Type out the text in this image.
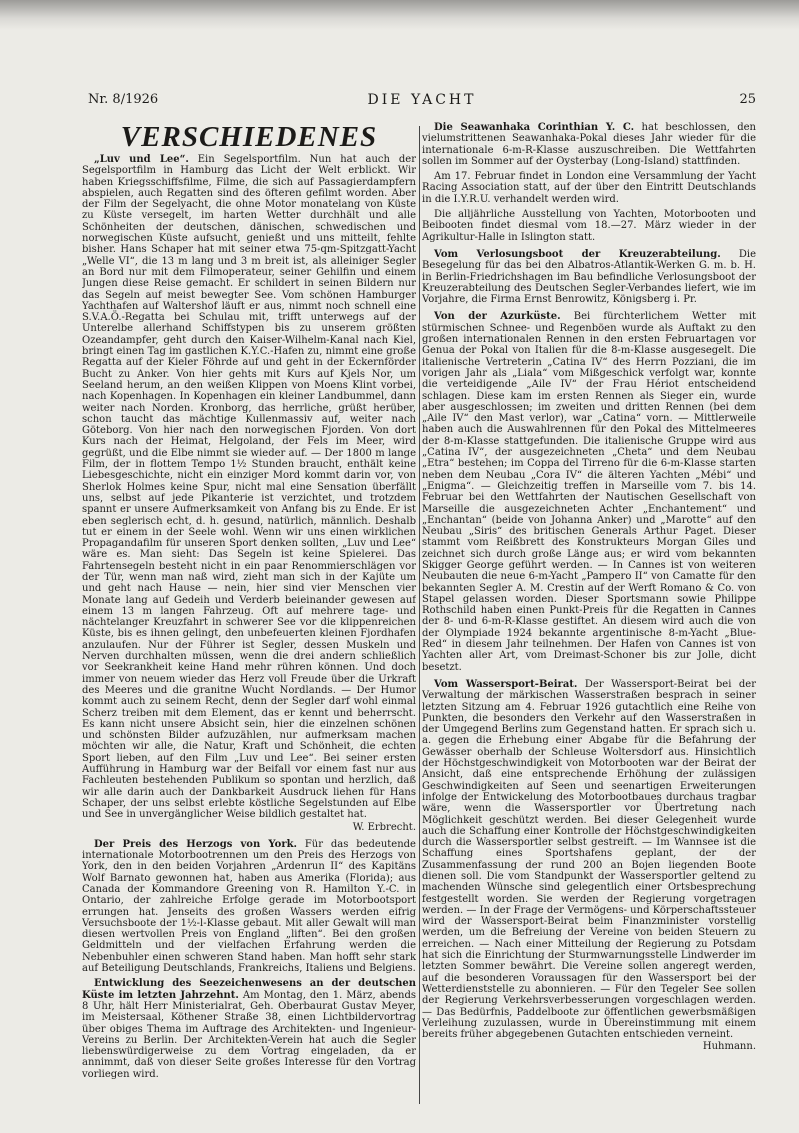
Nr. 8/1926	DIE YACHT	25
VERSCHIEDENES

„Luv und Lee“. Ein Segelsportfilm. Nun hat auch der Segelsportfilm in Hamburg das Licht der Welt erblickt. Wir haben Kriegsschiffsfilme, Filme, die sich auf Passagierdampfern abspielen, auch Regatten sind des öfteren gefilmt worden. Aber der Film der Segelyacht, die ohne Motor monatelang von Küste zu Küste versegelt, im harten Wetter durchhält und alle Schönheiten der deutschen, dänischen, schwedischen und norwegischen Küste aufsucht, genießt und uns mitteilt, fehlte bisher. Hans Schaper hat mit seiner etwa 75-qm-Spitzgatt-Yacht „Welle VI“, die 13 m lang und 3 m breit ist, als alleiniger Segler an Bord nur mit dem Filmoperateur, seiner Gehilfin und einem Jungen diese Reise gemacht. Er schildert in seinen Bildern nur das Segeln auf meist bewegter See. Vom schönen Hamburger Yachthafen auf Waltershof läuft er aus, nimmt noch schnell eine S.V.A.Ö.-Regatta bei Schulau mit, trifft unterwegs auf der Unterelbe allerhand Schiffstypen bis zu unserem größten Ozeandampfer, geht durch den Kaiser-Wilhelm-Kanal nach Kiel, bringt einen Tag im gastlichen K.Y.C.-Hafen zu, nimmt eine große Regatta auf der Kieler Föhrde auf und geht in der Eckernförder Bucht zu Anker. Von hier gehts mit Kurs auf Kjels Nor, um Seeland herum, an den weißen Klippen von Moens Klint vorbei, nach Kopenhagen. In Kopenhagen ein kleiner Landbummel, dann weiter nach Norden. Kronborg, das herrliche, grüßt herüber, schon taucht das mächtige Kullenmassiv auf, weiter nach Göteborg. Von hier nach den norwegischen Fjorden. Von dort Kurs nach der Heimat, Helgoland, der Fels im Meer, wird gegrüßt, und die Elbe nimmt sie wieder auf. — Der 1800 m lange Film, der in flottem Tempo 1½ Stunden braucht, enthält keine Liebesgeschichte, nicht ein einziger Mord kommt darin vor, von Sherlok Holmes keine Spur, nicht mal eine Sensation überfällt uns, selbst auf jede Pikanterie ist verzichtet, und trotzdem spannt er unsere Aufmerksamkeit von Anfang bis zu Ende. Er ist eben seglerisch echt, d. h. gesund, natürlich, männlich. Deshalb tut er einem in der Seele wohl. Wenn wir uns einen wirklichen Propagandafilm für unseren Sport denken sollten, „Luv und Lee“ wäre es. Man sieht: Das Segeln ist keine Spielerei. Das Fahrtensegeln besteht nicht in ein paar Renommierschlägen vor der Tür, wenn man naß wird, zieht man sich in der Kajüte um und geht nach Hause — nein, hier sind vier Menschen vier Monate lang auf Gedeih und Verderb beieinander gewesen auf einem 13 m langen Fahrzeug. Oft auf mehrere tage- und nächtelanger Kreuzfahrt in schwerer See vor die klippenreichen Küste, bis es ihnen gelingt, den unbefeuerten kleinen Fjordhafen anzulaufen. Nur der Führer ist Segler, dessen Muskeln und Nerven durchhalten müssen, wenn die drei andern schließlich vor Seekrankheit keine Hand mehr rühren können. Und doch immer von neuem wieder das Herz voll Freude über die Urkraft des Meeres und die granitne Wucht Nordlands. — Der Humor kommt auch zu seinem Recht, denn der Segler darf wohl einmal Scherz treiben mit dem Element, das er kennt und beherrscht. Es kann nicht unsere Absicht sein, hier die einzelnen schönen und schönsten Bilder aufzuzählen, nur aufmerksam machen möchten wir alle, die Natur, Kraft und Schönheit, die echten Sport lieben, auf den Film „Luv und Lee“. Bei seiner ersten Aufführung in Hamburg war der Beifall vor einem fast nur aus Fachleuten bestehenden Publikum so spontan und herzlich, daß wir alle darin auch der Dankbarkeit Ausdruck liehen für Hans Schaper, der uns selbst erlebte köstliche Segelstunden auf Elbe und See in unvergänglicher Weise bildlich gestaltet hat.

W. Erbrecht.

Der Preis des Herzogs von York. Für das bedeutende internationale Motorbootrennen um den Preis des Herzogs von York, den in den beiden Vorjahren „Ardenrun II“ des Kapitäns Wolf Barnato gewonnen hat, haben aus Amerika (Florida); aus Canada der Kommandore Greening von R. Hamilton Y.-C. in Ontario, der zahlreiche Erfolge gerade im Motorbootsport errungen hat. Jenseits des großen Wassers werden eifrig Versuchsboote der 1½-l-Klasse gebaut. Mit aller Gewalt will man diesen wertvollen Preis von England „liften“. Bei den großen Geldmitteln und der vielfachen Erfahrung werden die Nebenbuhler einen schweren Stand haben. Man hofft sehr stark auf Beteiligung Deutschlands, Frankreichs, Italiens und Belgiens.

Entwicklung des Seezeichenwesens an der deutschen Küste im letzten Jahrzehnt. Am Montag, den 1. März, abends 8 Uhr, hält Herr Ministerialrat, Geh. Oberbaurat Gustav Meyer, im Meistersaal, Köthener Straße 38, einen Lichtbildervortrag über obiges Thema im Auftrage des Architekten- und Ingenieur-Vereins zu Berlin. Der Architekten-Verein hat auch die Segler liebenswürdigerweise zu dem Vortrag eingeladen, da er annimmt, daß von dieser Seite großes Interesse für den Vortrag vorliegen wird.

Die Seawanhaka Corinthian Y. C. hat beschlossen, den vielumstrittenen Seawanhaka-Pokal dieses Jahr wieder für die internationale 6-m-R-Klasse auszuschreiben. Die Wettfahrten sollen im Sommer auf der Oysterbay (Long-Island) stattfinden.

Am 17. Februar findet in London eine Versammlung der Yacht Racing Association statt, auf der über den Eintritt Deutschlands in die I.Y.R.U. verhandelt werden wird.

Die alljährliche Ausstellung von Yachten, Motorbooten und Beibooten findet diesmal vom 18.—27. März wieder in der Agrikultur-Halle in Islington statt.

Vom Verlosungsboot der Kreuzerabteilung. Die Besegelung für das bei den Albatros-Atlantik-Werken G. m. b. H. in Berlin-Friedrichshagen im Bau befindliche Verlosungsboot der Kreuzerabteilung des Deutschen Segler-Verbandes liefert, wie im Vorjahre, die Firma Ernst Benrowitz, Königsberg i. Pr.

Von der Azurküste. Bei fürchterlichem Wetter mit stürmischen Schnee- und Regenböen wurde als Auftakt zu den großen internationalen Rennen in den ersten Februartagen vor Genua der Pokal von Italien für die 8-m-Klasse ausgesegelt. Die italienische Vertreterin „Catina IV“ des Herrn Pozziani, die im vorigen Jahr als „Liala“ vom Mißgeschick verfolgt war, konnte die verteidigende „Aile IV“ der Frau Hériot entscheidend schlagen. Diese kam im ersten Rennen als Sieger ein, wurde aber ausgeschlossen; im zweiten und dritten Rennen (bei dem „Aile IV“ den Mast verlor), war „Catina“ vorn. — Mittlerweile haben auch die Auswahlrennen für den Pokal des Mittelmeeres der 8-m-Klasse stattgefunden. Die italienische Gruppe wird aus „Catina IV“, der ausgezeichneten „Cheta“ und dem Neubau „Etra“ bestehen; im Coppa del Tirreno für die 6-m-Klasse starten neben dem Neubau „Cora IV“ die älteren Yachten „Mébi“ und „Enigma“. — Gleichzeitig treffen in Marseille vom 7. bis 14. Februar bei den Wettfahrten der Nautischen Gesellschaft von Marseille die ausgezeichneten Achter „Enchantement“ und „Enchantan“ (beide von Johanna Anker) und „Marotte“ auf den Neubau „Siris“ des britischen Generals Arthur Paget. Dieser stammt vom Reißbrett des Konstrukteurs Morgan Giles und zeichnet sich durch große Länge aus; er wird vom bekannten Skigger George geführt werden. — In Cannes ist von weiteren Neubauten die neue 6-m-Yacht „Pampero II“ von Camatte für den bekannten Segler A. M. Crestin auf der Werft Romano & Co. von Stapel gelassen worden. Dieser Sportsmann sowie Philippe Rothschild haben einen Punkt-Preis für die Regatten in Cannes der 8- und 6-m-R-Klasse gestiftet. An diesem wird auch die von der Olympiade 1924 bekannte argentinische 8-m-Yacht „Blue-Red“ in diesem Jahr teilnehmen. Der Hafen von Cannes ist von Yachten aller Art, vom Dreimast-Schoner bis zur Jolle, dicht besetzt.

Vom Wassersport-Beirat. Der Wassersport-Beirat bei der Verwaltung der märkischen Wasserstraßen besprach in seiner letzten Sitzung am 4. Februar 1926 gutachtlich eine Reihe von Punkten, die besonders den Verkehr auf den Wasserstraßen in der Umgegend Berlins zum Gegenstand hatten. Er sprach sich u. a. gegen die Erhebung einer Abgabe für die Befahrung der Gewässer oberhalb der Schleuse Woltersdorf aus. Hinsichtlich der Höchstgeschwindigkeit von Motorbooten war der Beirat der Ansicht, daß eine entsprechende Erhöhung der zulässigen Geschwindigkeiten auf Seen und seenartigen Erweiterungen infolge der Entwickelung des Motorbootbaues durchaus tragbar wäre, wenn die Wassersportler vor Übertretung nach Möglichkeit geschützt werden. Bei dieser Gelegenheit wurde auch die Schaffung einer Kontrolle der Höchstgeschwindigkeiten durch die Wassersportler selbst gestreift. — Im Wannsee ist die Schaffung eines Sportshafens geplant, der der Zusammenfassung der rund 200 an Bojen liegenden Boote dienen soll. Die vom Standpunkt der Wassersportler geltend zu machenden Wünsche sind gelegentlich einer Ortsbesprechung festgestellt worden. Sie werden der Regierung vorgetragen werden. — In der Frage der Vermögens- und Körperschaftssteuer wird der Wassersport-Beirat beim Finanzminister vorstellig werden, um die Befreiung der Vereine von beiden Steuern zu erreichen. — Nach einer Mitteilung der Regierung zu Potsdam hat sich die Einrichtung der Sturmwarnungsstelle Lindwerder im letzten Sommer bewährt. Die Vereine sollen angeregt werden, auf die besonderen Voraussagen für den Wassersport bei der Wetterdienststelle zu abonnieren. — Für den Tegeler See sollen der Regierung Verkehrsverbesserungen vorgeschlagen werden. — Das Bedürfnis, Paddelboote zur öffentlichen gewerbsmäßigen Verleihung zuzulassen, wurde in Übereinstimmung mit einem bereits früher abgegebenen Gutachten entschieden verneint.

Huhmann.
